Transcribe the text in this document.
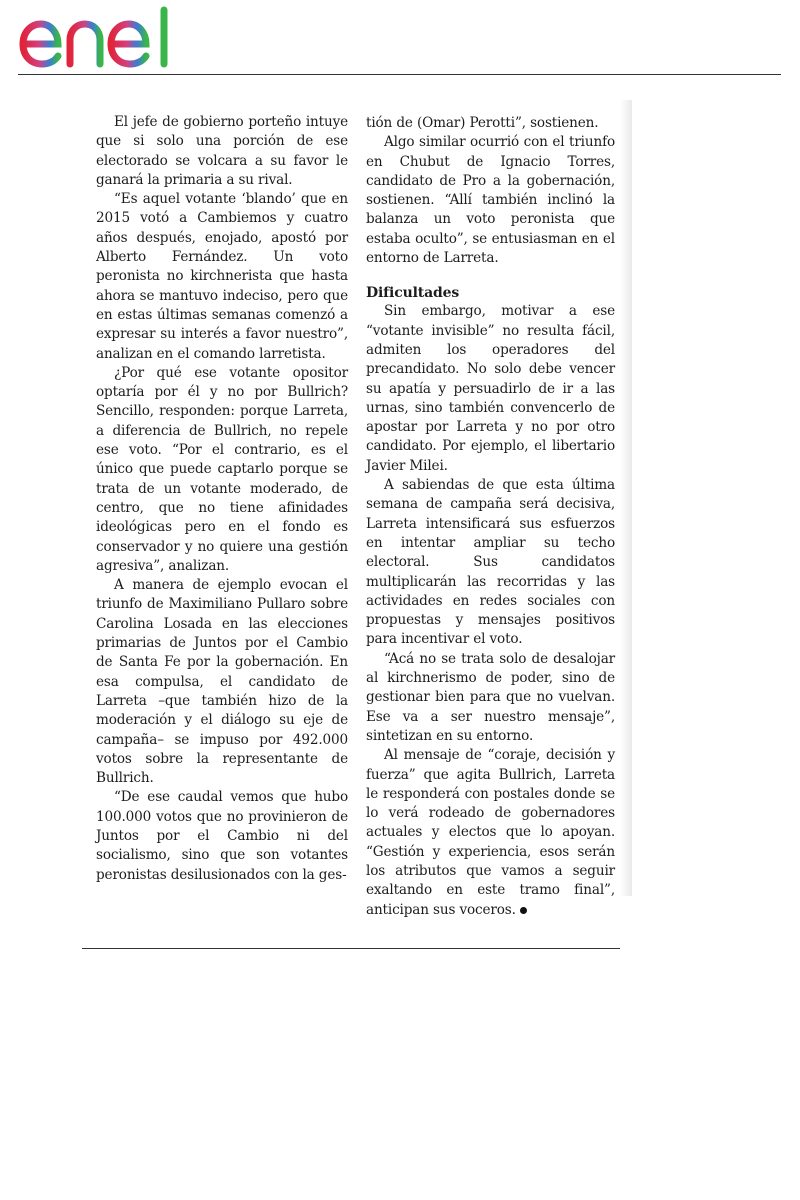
El jefe de gobierno porteño intuye que si solo una porción de ese electorado se volcara a su favor le ganará la primaria a su rival.

“Es aquel votante ‘blando’ que en 2015 votó a Cambiemos y cuatro años después, enojado, apostó por Alberto Fernández. Un voto peronista no kirchnerista que hasta ahora se mantuvo indeciso, pero que en estas últimas semanas comenzó a expresar su interés a favor nuestro”, analizan en el comando larretista.

¿Por qué ese votante opositor optaría por él y no por Bullrich? Sencillo, responden: porque Larreta, a diferencia de Bullrich, no repele ese voto. “Por el contrario, es el único que puede captarlo porque se trata de un votante moderado, de centro, que no tiene afinidades ideológicas pero en el fondo es conservador y no quiere una gestión agresiva”, analizan.

A manera de ejemplo evocan el triunfo de Maximiliano Pullaro sobre Carolina Losada en las elecciones primarias de Juntos por el Cambio de Santa Fe por la gobernación. En esa compulsa, el candidato de Larreta –que también hizo de la moderación y el diálogo su eje de campaña– se impuso por 492.000 votos sobre la representante de Bullrich.

“De ese caudal vemos que hubo 100.000 votos que no provinieron de Juntos por el Cambio ni del socialismo, sino que son votantes peronistas desilusionados con la ges-

tión de (Omar) Perotti”, sostienen.

Algo similar ocurrió con el triunfo en Chubut de Ignacio Torres, candidato de Pro a la gobernación, sostienen. “Allí también inclinó la balanza un voto peronista que estaba oculto”, se entusiasman en el entorno de Larreta.

Dificultades

Sin embargo, motivar a ese “votante invisible” no resulta fácil, admiten los operadores del precandidato. No solo debe vencer su apatía y persuadirlo de ir a las urnas, sino también convencerlo de apostar por Larreta y no por otro candidato. Por ejemplo, el libertario Javier Milei.

A sabiendas de que esta última semana de campaña será decisiva, Larreta intensificará sus esfuerzos en intentar ampliar su techo electoral. Sus candidatos multiplicarán las recorridas y las actividades en redes sociales con propuestas y mensajes positivos para incentivar el voto.

“Acá no se trata solo de desalojar al kirchnerismo de poder, sino de gestionar bien para que no vuelvan. Ese va a ser nuestro mensaje”, sintetizan en su entorno.

Al mensaje de “coraje, decisión y fuerza” que agita Bullrich, Larreta le responderá con postales donde se lo verá rodeado de gobernadores actuales y electos que lo apoyan. “Gestión y experiencia, esos serán los atributos que vamos a seguir exaltando en este tramo final”, anticipan sus voceros.
